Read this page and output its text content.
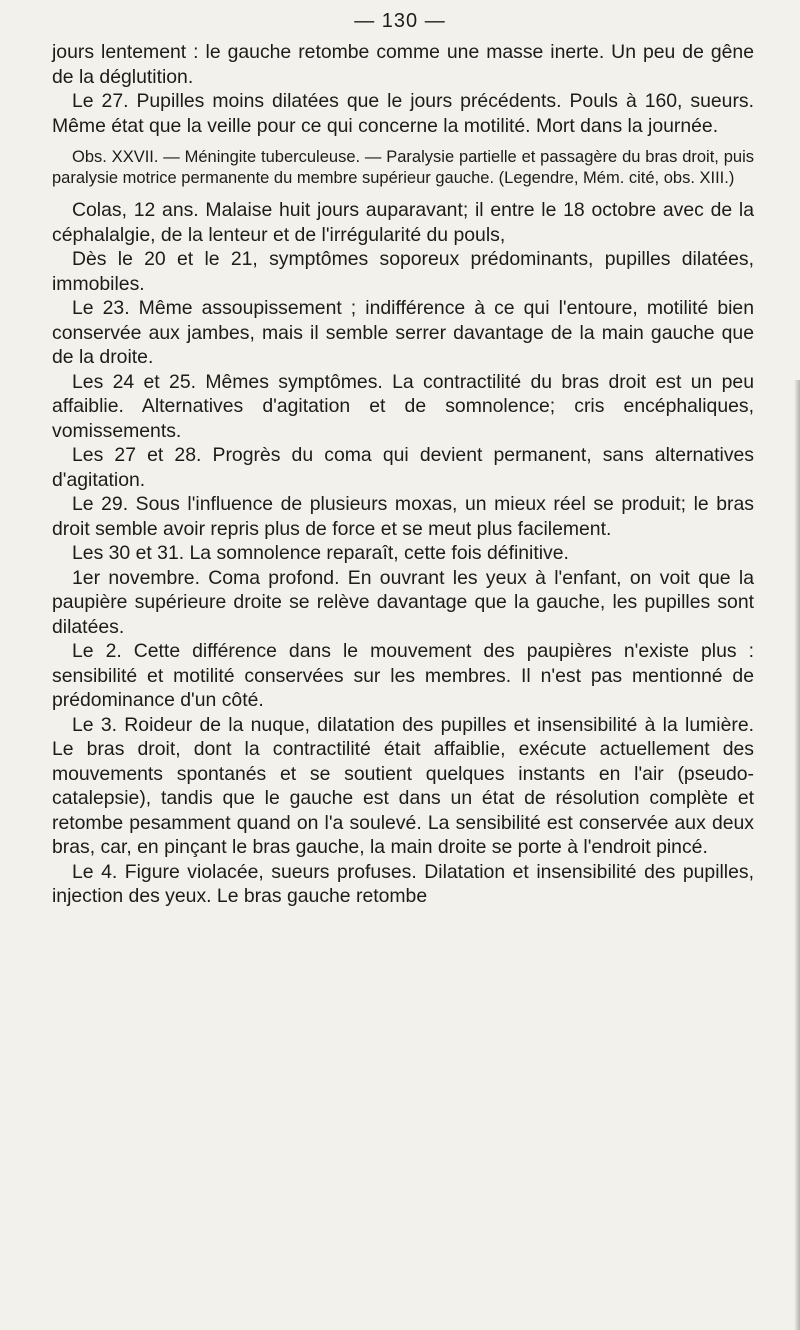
— 130 —

jours lentement : le gauche retombe comme une masse inerte. Un peu de gêne de la déglutition.

Le 27. Pupilles moins dilatées que le jours précédents. Pouls à 160, sueurs. Même état que la veille pour ce qui concerne la motilité. Mort dans la journée.

Obs. XXVII. — Méningite tuberculeuse. — Paralysie partielle et passagère du bras droit, puis paralysie motrice permanente du membre supérieur gauche. (Legendre, Mém. cité, obs. XIII.)

Colas, 12 ans. Malaise huit jours auparavant; il entre le 18 octobre avec de la céphalalgie, de la lenteur et de l'irrégularité du pouls,

Dès le 20 et le 21, symptômes soporeux prédominants, pupilles dilatées, immobiles.

Le 23. Même assoupissement ; indifférence à ce qui l'entoure, motilité bien conservée aux jambes, mais il semble serrer davantage de la main gauche que de la droite.

Les 24 et 25. Mêmes symptômes. La contractilité du bras droit est un peu affaiblie. Alternatives d'agitation et de somnolence; cris encéphaliques, vomissements.

Les 27 et 28. Progrès du coma qui devient permanent, sans alternatives d'agitation.

Le 29. Sous l'influence de plusieurs moxas, un mieux réel se produit; le bras droit semble avoir repris plus de force et se meut plus facilement.

Les 30 et 31. La somnolence reparaît, cette fois définitive.

1er novembre. Coma profond. En ouvrant les yeux à l'enfant, on voit que la paupière supérieure droite se relève davantage que la gauche, les pupilles sont dilatées.

Le 2. Cette différence dans le mouvement des paupières n'existe plus : sensibilité et motilité conservées sur les membres. Il n'est pas mentionné de prédominance d'un côté.

Le 3. Roideur de la nuque, dilatation des pupilles et insensibilité à la lumière. Le bras droit, dont la contractilité était affaiblie, exécute actuellement des mouvements spontanés et se soutient quelques instants en l'air (pseudo-catalepsie), tandis que le gauche est dans un état de résolution complète et retombe pesamment quand on l'a soulevé. La sensibilité est conservée aux deux bras, car, en pinçant le bras gauche, la main droite se porte à l'endroit pincé.

Le 4. Figure violacée, sueurs profuses. Dilatation et insensibilité des pupilles, injection des yeux. Le bras gauche retombe
